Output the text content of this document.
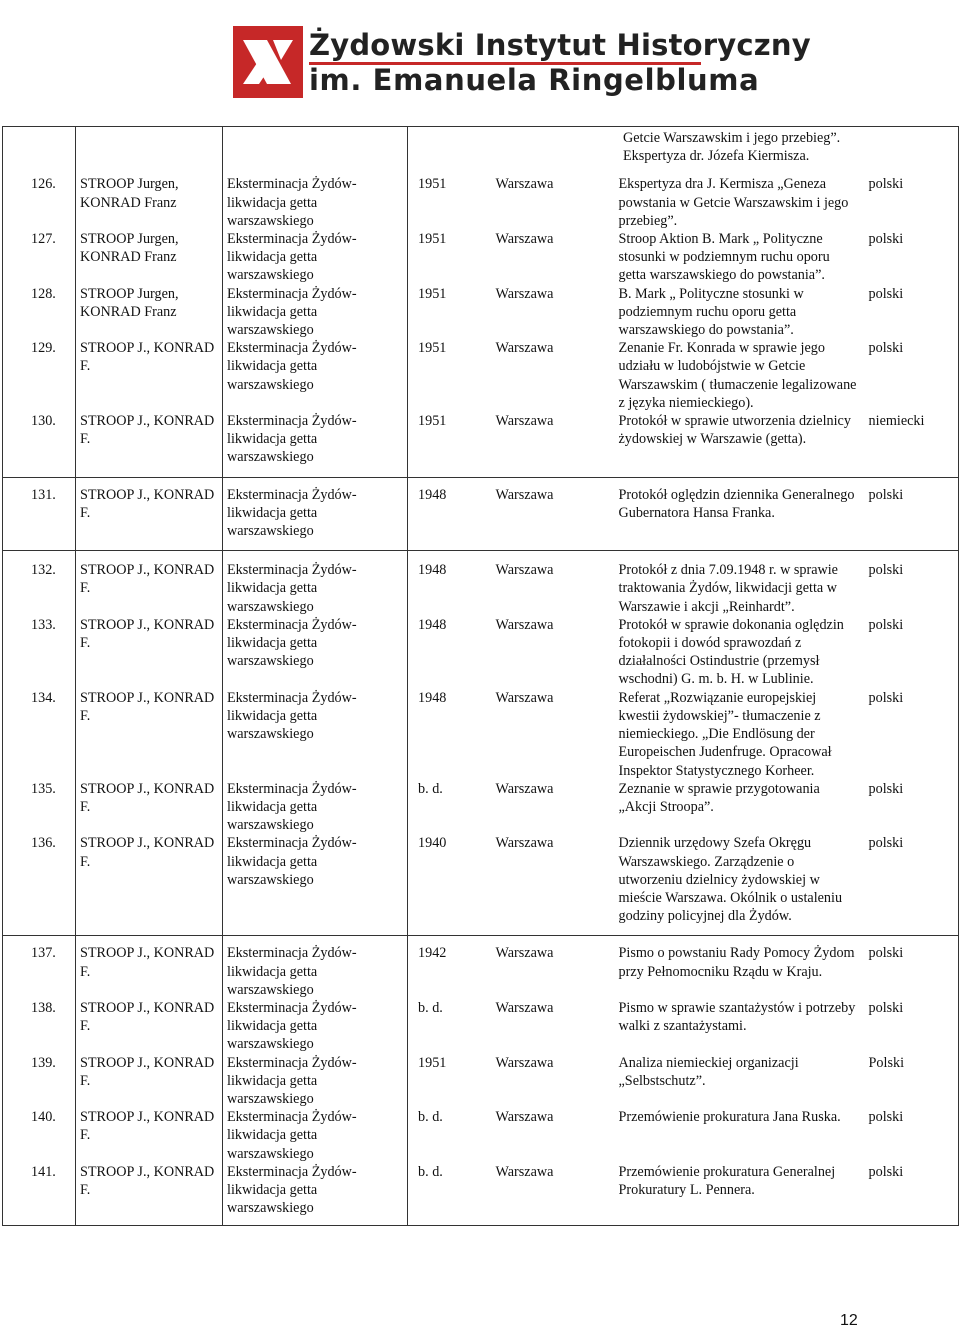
Żydowski Instytut Historyczny
im. Emanuela Ringelbluma
			Getcie Warszawskim i jego przebieg”. Ekspertyza dr. Józefa Kiermisza.			
126.	STROOP Jurgen, KONRAD Franz	Eksterminacja Żydów- likwidacja getta warszawskiego	1951	Warszawa	Ekspertyza dra J. Kermisza „Geneza powstania w Getcie Warszawskim i jego przebieg”.	polski
127.	STROOP Jurgen, KONRAD Franz	Eksterminacja Żydów- likwidacja getta warszawskiego	1951	Warszawa	Stroop Aktion B. Mark „ Polityczne stosunki w podziemnym ruchu oporu getta warszawskiego do powstania”.	polski
128.	STROOP Jurgen, KONRAD Franz	Eksterminacja Żydów- likwidacja getta warszawskiego	1951	Warszawa	B. Mark „ Polityczne stosunki w podziemnym ruchu oporu getta warszawskiego do powstania”.	polski
129.	STROOP J., KONRAD F.	Eksterminacja Żydów- likwidacja getta warszawskiego	1951	Warszawa	Zenanie Fr. Konrada w sprawie jego udziału w ludobójstwie w Getcie Warszawskim ( tłumaczenie legalizowane z języka niemieckiego).	polski
130.	STROOP J., KONRAD F.	Eksterminacja Żydów- likwidacja getta warszawskiego	1951	Warszawa	Protokół w sprawie utworzenia dzielnicy żydowskiej w Warszawie (getta).	niemiecki
131.	STROOP J., KONRAD F.	Eksterminacja Żydów- likwidacja getta warszawskiego	1948	Warszawa	Protokół oględzin dziennika Generalnego Gubernatora Hansa Franka.	polski
132.	STROOP J., KONRAD F.	Eksterminacja Żydów- likwidacja getta warszawskiego	1948	Warszawa	Protokół z dnia 7.09.1948 r. w sprawie traktowania Żydów, likwidacji getta w Warszawie i akcji „Reinhardt”.	polski
133.	STROOP J., KONRAD F.	Eksterminacja Żydów- likwidacja getta warszawskiego	1948	Warszawa	Protokół w sprawie dokonania oględzin fotokopii i dowód sprawozdań z działalności Ostindustrie (przemysł wschodni) G. m. b. H. w Lublinie.	polski
134.	STROOP J., KONRAD F.	Eksterminacja Żydów- likwidacja getta warszawskiego	1948	Warszawa	Referat „Rozwiązanie europejskiej kwestii żydowskiej”- tłumaczenie z niemieckiego. „Die Endlösung der Europeischen Judenfruge. Opracował Inspektor Statystycznego Korheer.	polski
135.	STROOP J., KONRAD F.	Eksterminacja Żydów- likwidacja getta warszawskiego	b. d.	Warszawa	Zeznanie w sprawie przygotowania „Akcji Stroopa”.	polski
136.	STROOP J., KONRAD F.	Eksterminacja Żydów- likwidacja getta warszawskiego	1940	Warszawa	Dziennik urzędowy Szefa Okręgu Warszawskiego. Zarządzenie o utworzeniu dzielnicy żydowskiej w mieście Warszawa. Okólnik o ustaleniu godziny policyjnej dla Żydów.	polski
137.	STROOP J., KONRAD F.	Eksterminacja Żydów- likwidacja getta warszawskiego	1942	Warszawa	Pismo o powstaniu Rady Pomocy Żydom przy Pełnomocniku Rządu w Kraju.	polski
138.	STROOP J., KONRAD F.	Eksterminacja Żydów- likwidacja getta warszawskiego	b. d.	Warszawa	Pismo w sprawie szantażystów i potrzeby walki z szantażystami.	polski
139.	STROOP J., KONRAD F.	Eksterminacja Żydów- likwidacja getta warszawskiego	1951	Warszawa	Analiza niemieckiej organizacji „Selbstschutz”.	Polski
140.	STROOP J., KONRAD F.	Eksterminacja Żydów- likwidacja getta warszawskiego	b. d.	Warszawa	Przemówienie prokuratura Jana Ruska.	polski
141.	STROOP J., KONRAD F.	Eksterminacja Żydów- likwidacja getta warszawskiego	b. d.	Warszawa	Przemówienie prokuratura Generalnej Prokuratury L. Pennera.	polski
12
